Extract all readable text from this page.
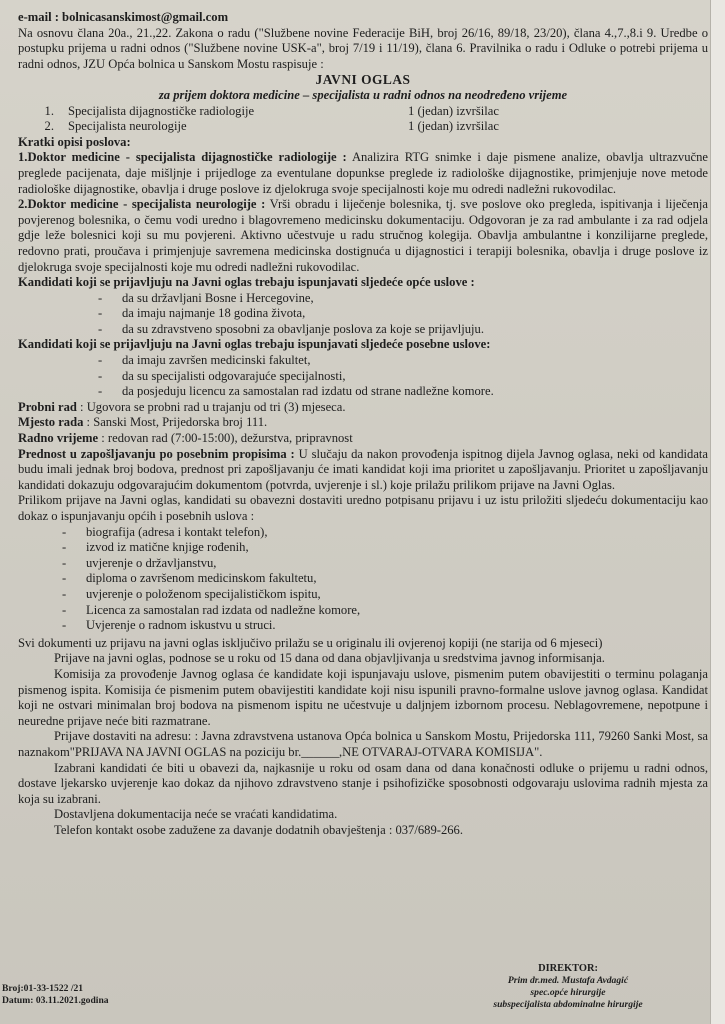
e-mail : bolnicasanskimost@gmail.com

Na osnovu člana 20a., 21.,22. Zakona o radu ("Službene novine Federacije BiH, broj 26/16, 89/18, 23/20), člana 4.,7.,8.i 9. Uredbe o postupku prijema u radni odnos ("Službene novine USK-a", broj 7/19 i 11/19), člana 6. Pravilnika o radu i Odluke o potrebi prijema u radni odnos, JZU Opća bolnica u Sanskom Mostu raspisuje :

JAVNI OGLAS

za prijem doktora medicine – specijalista u radni odnos na neodređeno vrijeme

1.	Specijalista dijagnostičke radiologije	1 (jedan) izvršilac
2.	Specijalista neurologije	1 (jedan) izvršilac

Kratki opisi poslova:

1.Doktor medicine - specijalista dijagnostičke radiologije : Analizira RTG snimke i daje pismene analize, obavlja ultrazvučne preglede pacijenata, daje mišljnje i prijedloge za eventulane dopunkse preglede iz radiološke dijagnostike, primjenjuje nove metode radiološke dijagnostike, obavlja i druge poslove iz djelokruga svoje specijalnosti koje mu odredi nadležni rukovodilac.

2.Doktor medicine - specijalista neurologije : Vrši obradu i liječenje bolesnika, tj. sve poslove oko pregleda, ispitivanja i liječenja povjerenog bolesnika, o čemu vodi uredno i blagovremeno medicinsku dokumentaciju. Odgovoran je za rad ambulante i za rad odjela gdje leže bolesnici koji su mu povjereni. Aktivno učestvuje u radu stručnog kolegija. Obavlja ambulantne i konzilijarne preglede, redovno prati, proučava i primjenjuje savremena medicinska dostignuća u dijagnostici i terapiji bolesnika, obavlja i druge poslove iz djelokruga svoje specijalnosti koje mu odredi nadležni rukovodilac.

Kandidati koji se prijavljuju na Javni oglas trebaju ispunjavati sljedeće opće uslove :

- da su državljani Bosne i Hercegovine,
- da imaju najmanje 18 godina života,
- da su zdravstveno sposobni za obavljanje poslova za koje se prijavljuju.

Kandidati koji se prijavljuju na Javni oglas trebaju ispunjavati sljedeće posebne uslove:

- da imaju završen medicinski fakultet,
- da su specijalisti odgovarajuće specijalnosti,
- da posjeduju licencu za samostalan rad izdatu od strane nadležne komore.

Probni rad : Ugovora se probni rad u trajanju od tri (3) mjeseca.

Mjesto rada : Sanski Most, Prijedorska broj 111.

Radno vrijeme : redovan rad (7:00-15:00), dežurstva, pripravnost

Prednost u zapošljavanju po posebnim propisima : U slučaju da nakon provođenja ispitnog dijela Javnog oglasa, neki od kandidata budu imali jednak broj bodova, prednost pri zapošljavanju će imati kandidat koji ima prioritet u zapošljavanju. Prioritet u zapošljavanju kandidati dokazuju odgovarajućim dokumentom (potvrda, uvjerenje i sl.) koje prilažu prilikom prijave na Javni Oglas.

Prilikom prijave na Javni oglas, kandidati su obavezni dostaviti uredno potpisanu prijavu i uz istu priložiti sljedeću dokumentaciju kao dokaz o ispunjavanju općih i posebnih uslova :

- biografija (adresa i kontakt telefon),
- izvod iz matične knjige rođenih,
- uvjerenje o državljanstvu,
- diploma o završenom medicinskom fakultetu,
- uvjerenje o položenom specijalističkom ispitu,
- Licenca za samostalan rad izdata od nadležne komore,
- Uvjerenje o radnom iskustvu u struci.

Svi dokumenti uz prijavu na javni oglas isključivo prilažu se u originalu ili ovjerenoj kopiji (ne starija od 6 mjeseci)

Prijave na javni oglas, podnose se u roku od 15 dana od dana objavljivanja u sredstvima javnog informisanja.

Komisija za provođenje Javnog oglasa će kandidate koji ispunjavaju uslove, pismenim putem obavijestiti o terminu polaganja pismenog ispita. Komisija će pismenim putem obavijestiti kandidate koji nisu ispunili pravno-formalne uslove javnog oglasa. Kandidat koji ne ostvari minimalan broj bodova na pismenom ispitu ne učestvuje u daljnjem izbornom procesu. Neblagovremene, nepotpune i neuredne prijave neće biti razmatrane.

Prijave dostaviti na adresu: : Javna zdravstvena ustanova Opća bolnica u Sanskom Mostu, Prijedorska 111, 79260 Sanki Most, sa naznakom"PRIJAVA NA JAVNI OGLAS na poziciju br.______,NE OTVARAJ-OTVARA KOMISIJA".

Izabrani kandidati će biti u obavezi da, najkasnije u roku od osam dana od dana konačnosti odluke o prijemu u radni odnos, dostave ljekarsko uvjerenje kao dokaz da njihovo zdravstveno stanje i psihofizičke sposobnosti odgovaraju uslovima radnih mjesta za koja su izabrani.

Dostavljena dokumentacija neće se vraćati kandidatima.

Telefon kontakt osobe zadužene za davanje dodatnih obavještenja : 037/689-266.

Broj:01-33-1522 /21
Datum: 03.11.2021.godina
DIREKTOR:
Prim dr.med. Mustafa Avdagić
spec.opće hirurgije
subspecijalista abdominalne hirurgije
